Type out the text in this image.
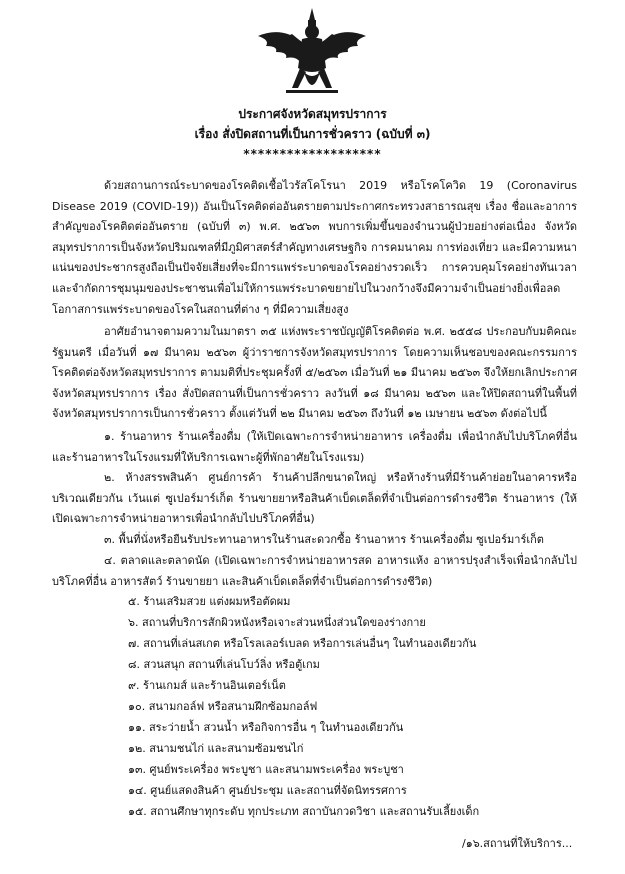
ประกาศจังหวัดสมุทรปราการ
เรื่อง สั่งปิดสถานที่เป็นการชั่วคราว (ฉบับที่ ๓)
*******************
ด้วยสถานการณ์ระบาดของโรคติดเชื้อไวรัสโคโรนา 2019 หรือโรคโควิด 19 (Coronavirus Disease 2019 (COVID-19)) อันเป็นโรคติดต่ออันตรายตามประกาศกระทรวงสาธารณสุข เรื่อง ชื่อและอาการสำคัญของโรคติดต่ออันตราย (ฉบับที่ ๓) พ.ศ. ๒๕๖๓ พบการเพิ่มขึ้นของจำนวนผู้ป่วยอย่างต่อเนื่อง จังหวัดสมุทรปราการเป็นจังหวัดปริมณฑลที่มีภูมิศาสตร์สำคัญทางเศรษฐกิจ การคมนาคม การท่องเที่ยว และมีความหนาแน่นของประชากรสูงถือเป็นปัจจัยเสี่ยงที่จะมีการแพร่ระบาดของโรคอย่างรวดเร็ว การควบคุมโรคอย่างทันเวลาและจำกัดการชุมนุมของประชาชนเพื่อไม่ให้การแพร่ระบาดขยายไปในวงกว้างจึงมีความจำเป็นอย่างยิ่งเพื่อลดโอกาสการแพร่ระบาดของโรคในสถานที่ต่าง ๆ ที่มีความเสี่ยงสูง
อาศัยอำนาจตามความในมาตรา ๓๕ แห่งพระราชบัญญัติโรคติดต่อ พ.ศ. ๒๕๕๘ ประกอบกับมติคณะรัฐมนตรี เมื่อวันที่ ๑๗ มีนาคม ๒๕๖๓ ผู้ว่าราชการจังหวัดสมุทรปราการ โดยความเห็นชอบของคณะกรรมการโรคติดต่อจังหวัดสมุทรปราการ ตามมติที่ประชุมครั้งที่ ๕/๒๕๖๓ เมื่อวันที่ ๒๑ มีนาคม ๒๕๖๓ จึงให้ยกเลิกประกาศจังหวัดสมุทรปราการ เรื่อง สั่งปิดสถานที่เป็นการชั่วคราว ลงวันที่ ๑๘ มีนาคม ๒๕๖๓ และให้ปิดสถานที่ในพื้นที่จังหวัดสมุทรปราการเป็นการชั่วคราว ตั้งแต่วันที่ ๒๒ มีนาคม ๒๕๖๓ ถึงวันที่ ๑๒ เมษายน ๒๕๖๓ ดังต่อไปนี้
๑. ร้านอาหาร ร้านเครื่องดื่ม (ให้เปิดเฉพาะการจำหน่ายอาหาร เครื่องดื่ม เพื่อนำกลับไปบริโภคที่อื่น และร้านอาหารในโรงแรมที่ให้บริการเฉพาะผู้ที่พักอาศัยในโรงแรม)
๒. ห้างสรรพสินค้า ศูนย์การค้า ร้านค้าปลีกขนาดใหญ่ หรือห้างร้านที่มีร้านค้าย่อยในอาคารหรือบริเวณเดียวกัน เว้นแต่ ซูเปอร์มาร์เก็ต ร้านขายยาหรือสินค้าเบ็ดเตล็ดที่จำเป็นต่อการดำรงชีวิต ร้านอาหาร (ให้เปิดเฉพาะการจำหน่ายอาหารเพื่อนำกลับไปบริโภคที่อื่น)
๓. พื้นที่นั่งหรือยืนรับประทานอาหารในร้านสะดวกซื้อ ร้านอาหาร ร้านเครื่องดื่ม ซูเปอร์มาร์เก็ต
๔. ตลาดและตลาดนัด (เปิดเฉพาะการจำหน่ายอาหารสด อาหารแห้ง อาหารปรุงสำเร็จเพื่อนำกลับไปบริโภคที่อื่น อาหารสัตว์ ร้านขายยา และสินค้าเบ็ดเตล็ดที่จำเป็นต่อการดำรงชีวิต)
๕. ร้านเสริมสวย แต่งผมหรือตัดผม
๖. สถานที่บริการสักผิวหนังหรือเจาะส่วนหนึ่งส่วนใดของร่างกาย
๗. สถานที่เล่นสเกต หรือโรลเลอร์เบลด หรือการเล่นอื่นๆ ในทำนองเดียวกัน
๘. สวนสนุก สถานที่เล่นโบว์ลิ่ง หรือตู้เกม
๙. ร้านเกมส์ และร้านอินเตอร์เน็ต
๑๐. สนามกอล์ฟ หรือสนามฝึกซ้อมกอล์ฟ
๑๑. สระว่ายน้ำ สวนน้ำ หรือกิจการอื่น ๆ ในทำนองเดียวกัน
๑๒. สนามชนไก่ และสนามซ้อมชนไก่
๑๓. ศูนย์พระเครื่อง พระบูชา และสนามพระเครื่อง พระบูชา
๑๔. ศูนย์แสดงสินค้า ศูนย์ประชุม และสถานที่จัดนิทรรศการ
๑๕. สถานศึกษาทุกระดับ ทุกประเภท สถาบันกวดวิชา และสถานรับเลี้ยงเด็ก
/๑๖.สถานที่ให้บริการ...
